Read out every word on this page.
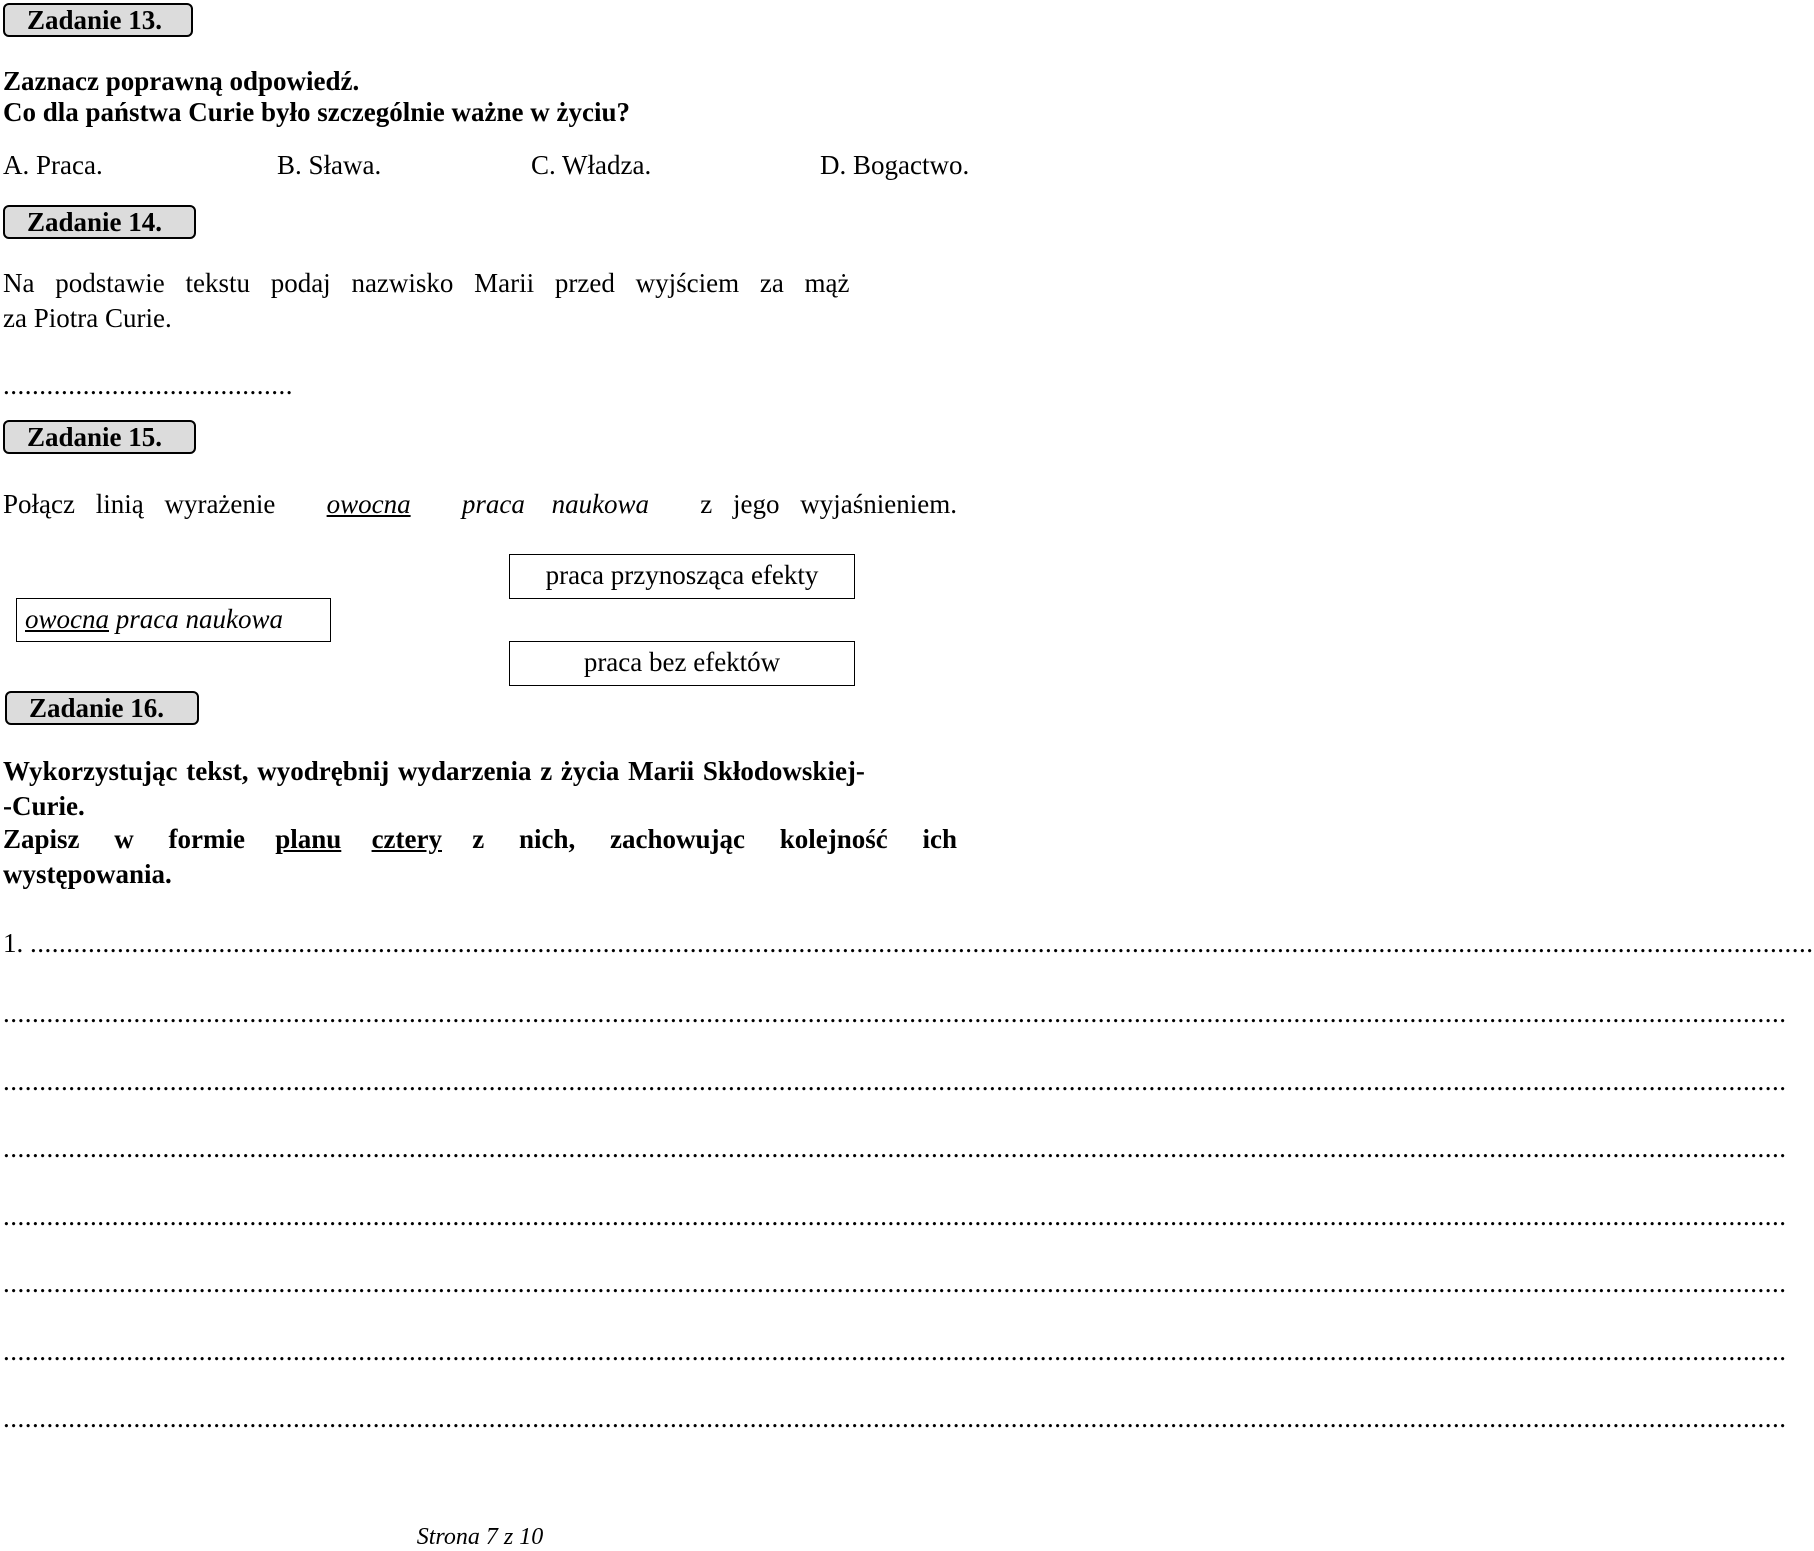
Zadanie 13.
Zaznacz poprawną odpowiedź.
Co dla państwa Curie było szczególnie ważne w życiu?
A. Praca.	B. Sława.	C. Władza.	D. Bogactwo.
Zadanie 14.
Na podstawie tekstu podaj nazwisko Marii przed wyjściem za mąż
za Piotra Curie.
........................................
Zadanie 15.
Połącz linią wyrażenie owocna praca naukowa z jego wyjaśnieniem.
owocna praca naukowa
praca przynosząca efekty
praca bez efektów
Zadanie 16.
Wykorzystując tekst, wyodrębnij wydarzenia z życia Marii Skłodowskiej-
-Curie.
Zapisz w formie planu cztery z nich, zachowując kolejność ich
występowania.
1. ......................................................................................................................................................................................................................................................
......................................................................................................................................................................................................................................................
......................................................................................................................................................................................................................................................
......................................................................................................................................................................................................................................................
......................................................................................................................................................................................................................................................
......................................................................................................................................................................................................................................................
......................................................................................................................................................................................................................................................
......................................................................................................................................................................................................................................................
Strona 7 z 10
